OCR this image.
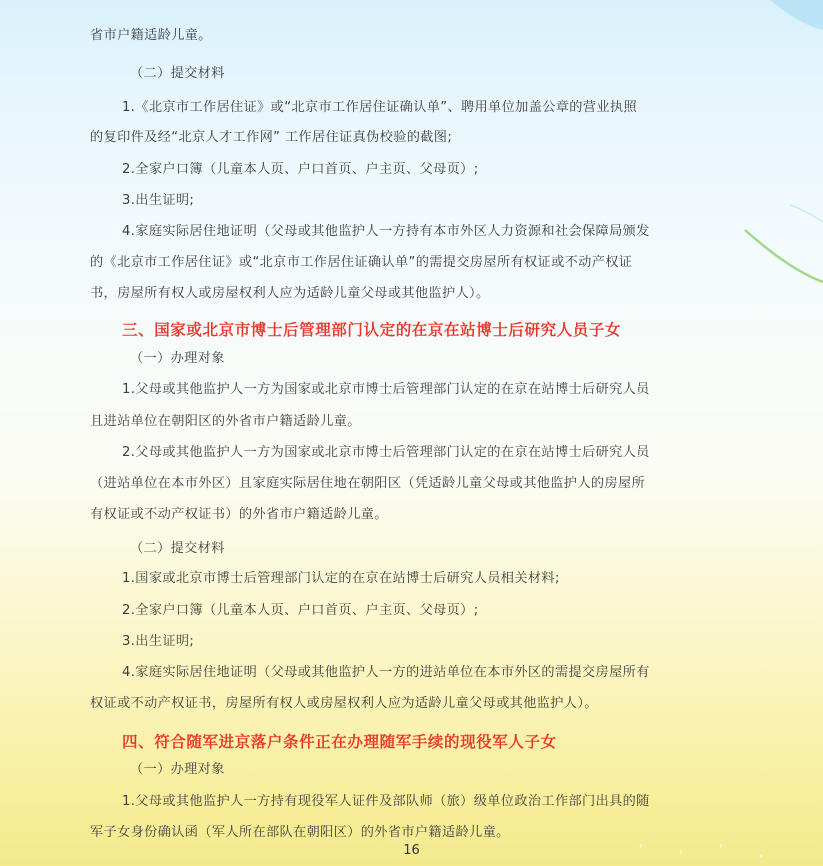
省市户籍适龄儿童。
（二）提交材料
1.《北京市工作居住证》或“北京市工作居住证确认单”、聘用单位加盖公章的营业执照
的复印件及经“北京人才工作网” 工作居住证真伪校验的截图;
2.全家户口簿（儿童本人页、户口首页、户主页、父母页）;
3.出生证明;
4.家庭实际居住地证明（父母或其他监护人一方持有本市外区人力资源和社会保障局颁发
的《北京市工作居住证》或“北京市工作居住证确认单”的需提交房屋所有权证或不动产权证
书，房屋所有权人或房屋权利人应为适龄儿童父母或其他监护人）。
三、国家或北京市博士后管理部门认定的在京在站博士后研究人员子女
（一）办理对象
1.父母或其他监护人一方为国家或北京市博士后管理部门认定的在京在站博士后研究人员
且进站单位在朝阳区的外省市户籍适龄儿童。
2.父母或其他监护人一方为国家或北京市博士后管理部门认定的在京在站博士后研究人员
（进站单位在本市外区）且家庭实际居住地在朝阳区（凭适龄儿童父母或其他监护人的房屋所
有权证或不动产权证书）的外省市户籍适龄儿童。
（二）提交材料
1.国家或北京市博士后管理部门认定的在京在站博士后研究人员相关材料;
2.全家户口簿（儿童本人页、户口首页、户主页、父母页）;
3.出生证明;
4.家庭实际居住地证明（父母或其他监护人一方的进站单位在本市外区的需提交房屋所有
权证或不动产权证书，房屋所有权人或房屋权利人应为适龄儿童父母或其他监护人）。
四、符合随军进京落户条件正在办理随军手续的现役军人子女
（一）办理对象
1.父母或其他监护人一方持有现役军人证件及部队师（旅）级单位政治工作部门出具的随
军子女身份确认函（军人所在部队在朝阳区）的外省市户籍适龄儿童。
16
